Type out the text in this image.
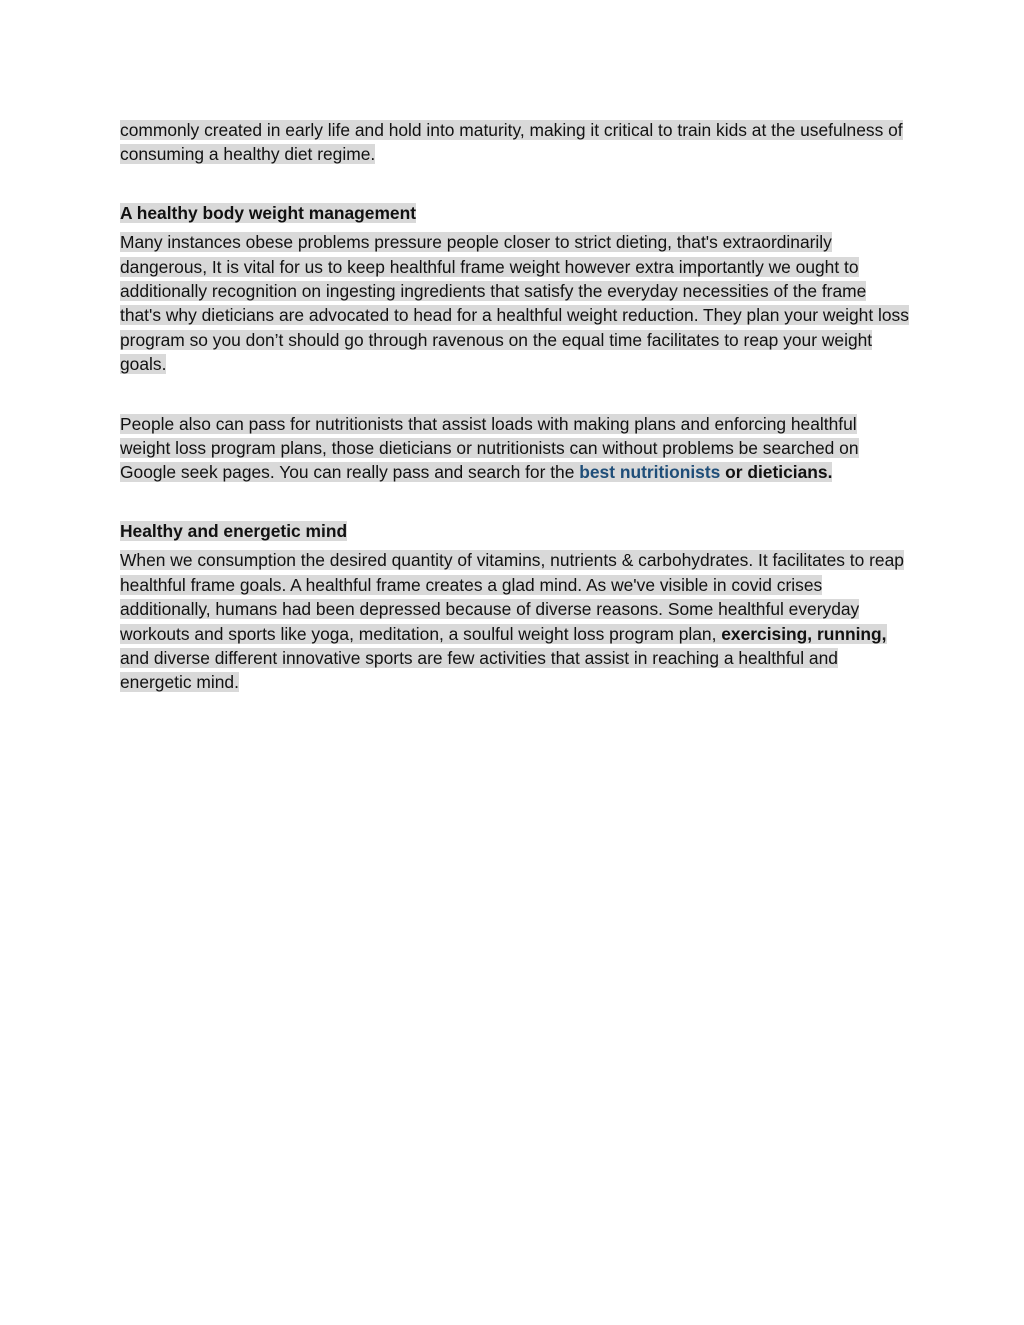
commonly created in early life and hold into maturity, making it critical to train kids at the usefulness of consuming a healthy diet regime.

A healthy body weight management

Many instances obese problems pressure people closer to strict dieting, that's extraordinarily dangerous, It is vital for us to keep healthful frame weight however extra importantly we ought to additionally recognition on ingesting ingredients that satisfy the everyday necessities of the frame that's why dieticians are advocated to head for a healthful weight reduction. They plan your weight loss program so you don’t should go through ravenous on the equal time facilitates to reap your weight goals.

People also can pass for nutritionists that assist loads with making plans and enforcing healthful weight loss program plans, those dieticians or nutritionists can without problems be searched on Google seek pages. You can really pass and search for the best nutritionists or dieticians.

Healthy and energetic mind

When we consumption the desired quantity of vitamins, nutrients & carbohydrates. It facilitates to reap healthful frame goals. A healthful frame creates a glad mind. As we've visible in covid crises additionally, humans had been depressed because of diverse reasons. Some healthful everyday workouts and sports like yoga, meditation, a soulful weight loss program plan, exercising, running, and diverse different innovative sports are few activities that assist in reaching a healthful and energetic mind.
